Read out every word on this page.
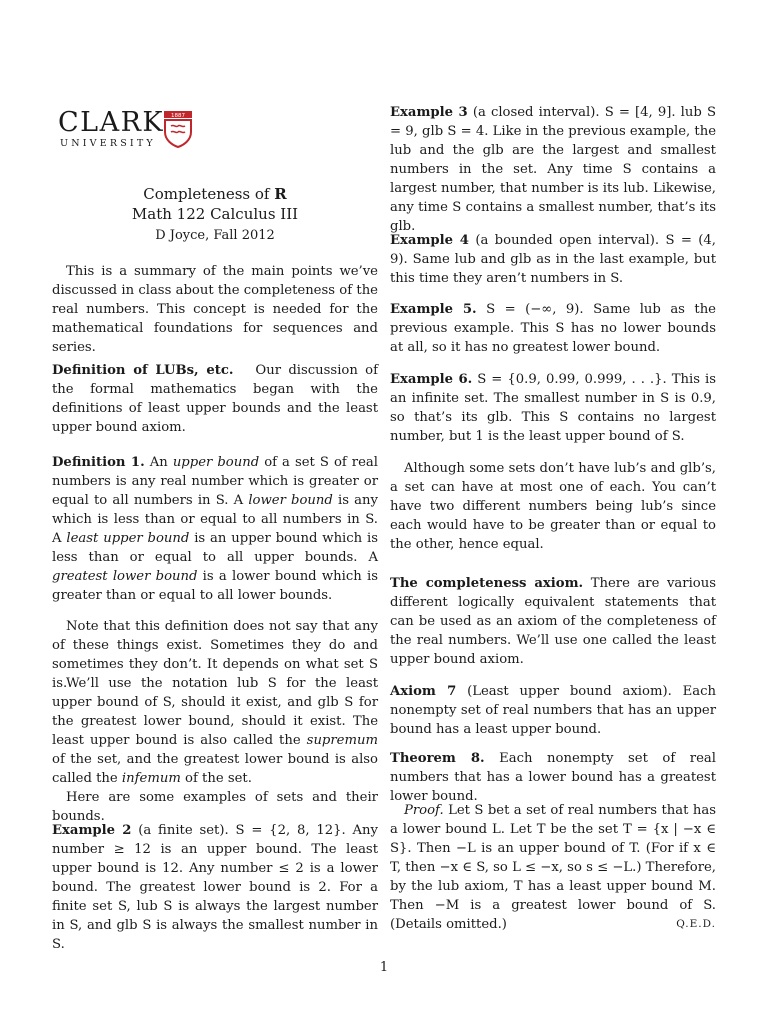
CLARK
UNIVERSITY
1887
Completeness of R
Math 122 Calculus III
D Joyce, Fall 2012

This is a summary of the main points we’ve discussed in class about the completeness of the real numbers. This concept is needed for the mathematical foundations for sequences and series.

Definition of LUBs, etc. Our discussion of the formal mathematics began with the definitions of least upper bounds and the least upper bound axiom.

Definition 1. An upper bound of a set S of real numbers is any real number which is greater or equal to all numbers in S. A lower bound is any which is less than or equal to all numbers in S. A least upper bound is an upper bound which is less than or equal to all upper bounds. A greatest lower bound is a lower bound which is greater than or equal to all lower bounds.

Note that this definition does not say that any of these things exist. Sometimes they do and sometimes they don’t. It depends on what set S is.

We’ll use the notation lub S for the least upper bound of S, should it exist, and glb S for the greatest lower bound, should it exist. The least upper bound is also called the supremum of the set, and the greatest lower bound is also called the infemum of the set.

Here are some examples of sets and their bounds.

Example 2 (a finite set). S = {2, 8, 12}. Any number ≥ 12 is an upper bound. The least upper bound is 12. Any number ≤ 2 is a lower bound. The greatest lower bound is 2. For a finite set S, lub S is always the largest number in S, and glb S is always the smallest number in S.

Example 3 (a closed interval). S = [4, 9]. lub S = 9, glb S = 4. Like in the previous example, the lub and the glb are the largest and smallest numbers in the set. Any time S contains a largest number, that number is its lub. Likewise, any time S contains a smallest number, that’s its glb.

Example 4 (a bounded open interval). S = (4, 9). Same lub and glb as in the last example, but this time they aren’t numbers in S.

Example 5. S = (−∞, 9). Same lub as the previous example. This S has no lower bounds at all, so it has no greatest lower bound.

Example 6. S = {0.9, 0.99, 0.999, . . .}. This is an infinite set. The smallest number in S is 0.9, so that’s its glb. This S contains no largest number, but 1 is the least upper bound of S.

Although some sets don’t have lub’s and glb’s, a set can have at most one of each. You can’t have two different numbers being lub’s since each would have to be greater than or equal to the other, hence equal.

The completeness axiom. There are various different logically equivalent statements that can be used as an axiom of the completeness of the real numbers. We’ll use one called the least upper bound axiom.

Axiom 7 (Least upper bound axiom). Each nonempty set of real numbers that has an upper bound has a least upper bound.

Theorem 8. Each nonempty set of real numbers that has a lower bound has a greatest lower bound.

Proof. Let S bet a set of real numbers that has a lower bound L. Let T be the set T = {x | −x ∈ S}. Then −L is an upper bound of T. (For if x ∈ T, then −x ∈ S, so L ≤ −x, so s ≤ −L.) Therefore, by the lub axiom, T has a least upper bound M. Then −M is a greatest lower bound of S. (Details omitted.)	Q.E.D.

1
